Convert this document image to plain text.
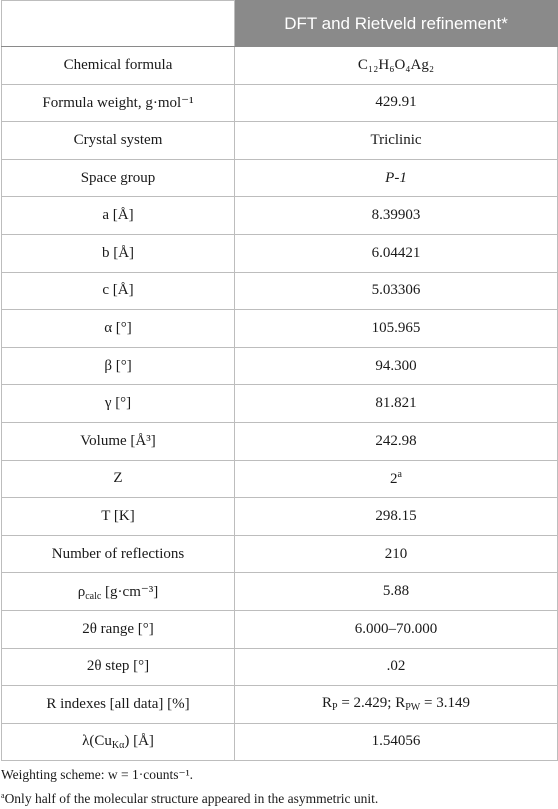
	DFT and Rietveld refinement*
Chemical formula	C₁₂H₆O₄Ag₂
Formula weight, g·mol⁻¹	429.91
Crystal system	Triclinic
Space group	P-1
a [Å]	8.39903
b [Å]	6.04421
c [Å]	5.03306
α [°]	105.965
β [°]	94.300
γ [°]	81.821
Volume [Å³]	242.98
Z	2$^a$
T [K]	298.15
Number of reflections	210
$\rho_{calc}$ [g·cm⁻³]	5.88
2θ range [°]	6.000–70.000
2θ step [°]	.02
R indexes [all data] [%]	$R_P = 2.429$; $R_{PW} = 3.149$
$\lambda(Cu_{K\alpha})$ [Å]	1.54056
Weighting scheme: w = 1·counts⁻¹.
$^a$Only half of the molecular structure appeared in the asymmetric unit.
